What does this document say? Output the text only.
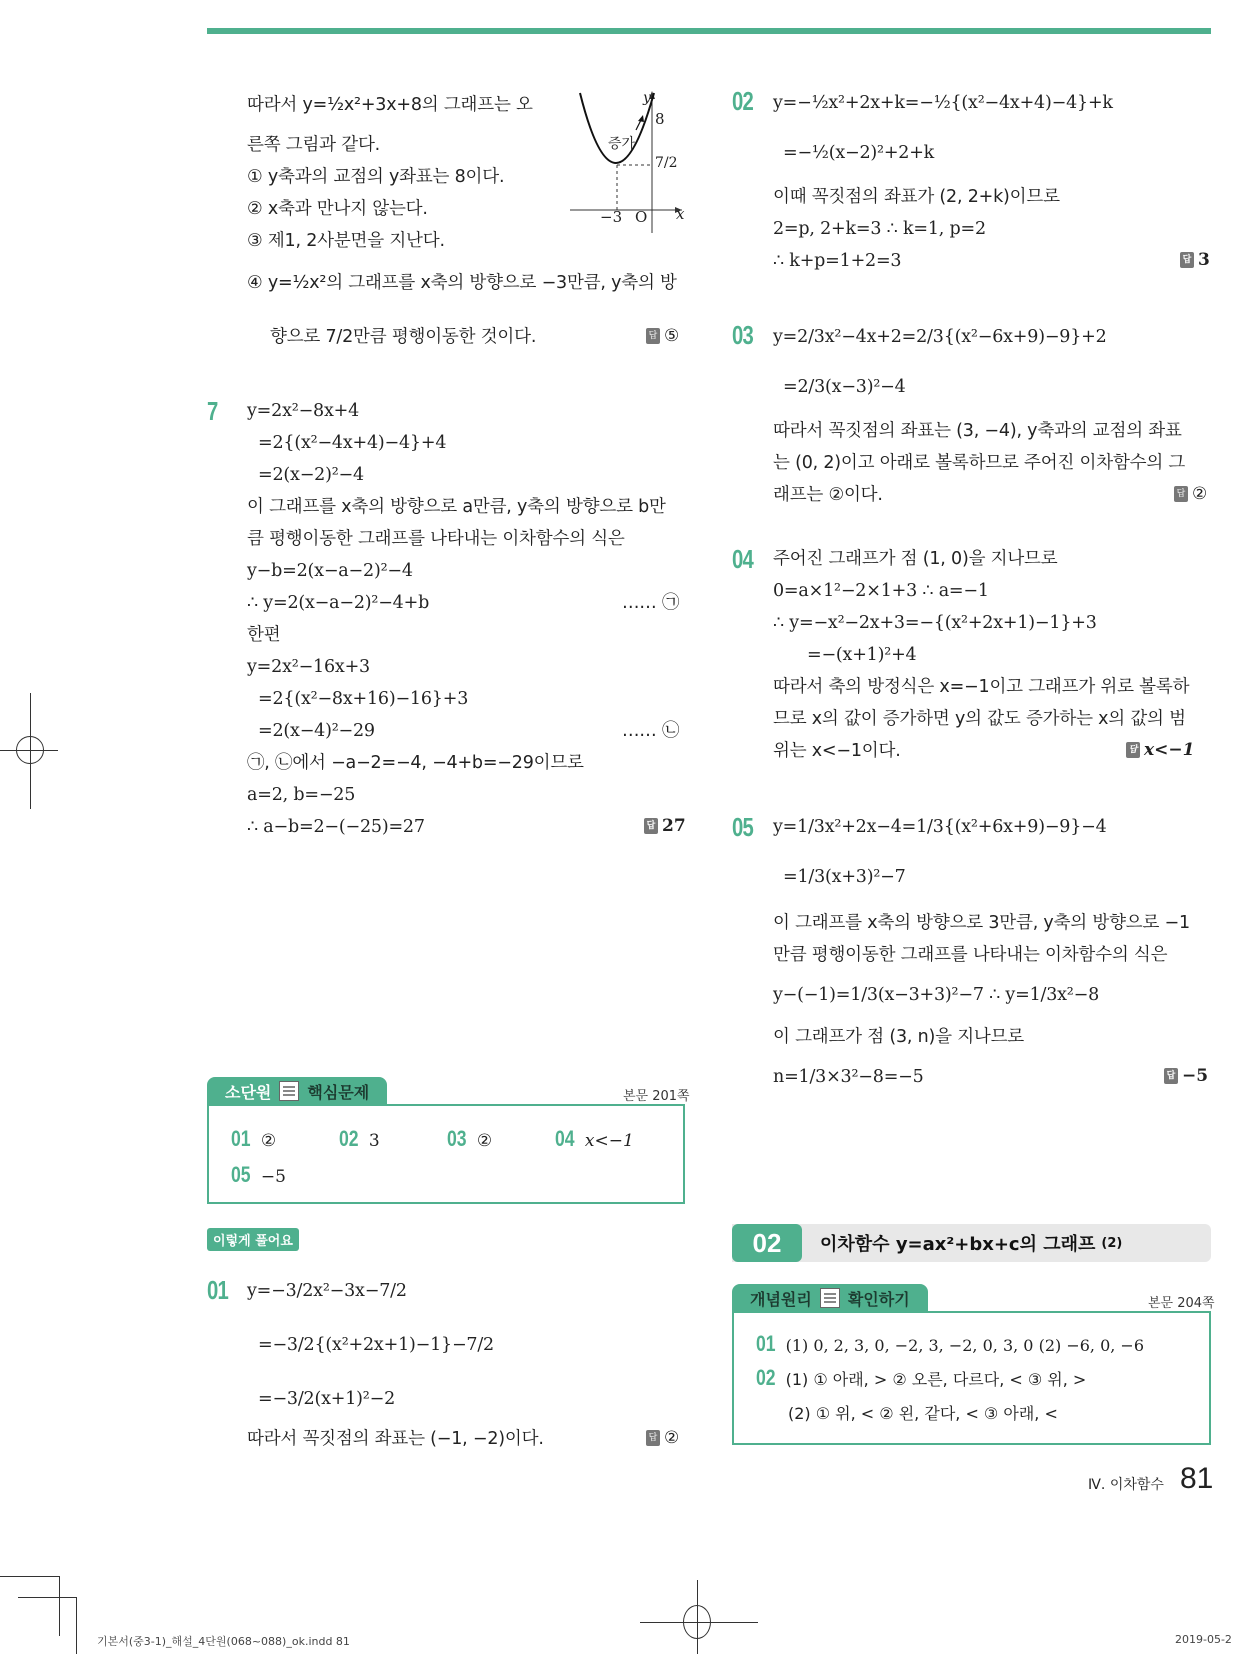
따라서 y=½x²+3x+8의 그래프는 오
른쪽 그림과 같다.
① y축과의 교점의 y좌표는 8이다.
② x축과 만나지 않는다.
③ 제1, 2사분면을 지난다.
④ y=½x²의 그래프를 x축의 방향으로 −3만큼, y축의 방
향으로 7/2만큼 평행이동한 것이다.	답 ⑤
y
8
증가
7/2
−3 O x
7 y=2x²−8x+4
=2{(x²−4x+4)−4}+4
=2(x−2)²−4
이 그래프를 x축의 방향으로 a만큼, y축의 방향으로 b만
큼 평행이동한 그래프를 나타내는 이차함수의 식은
y−b=2(x−a−2)²−4
∴ y=2(x−a−2)²−4+b	…… ㉠
한편
y=2x²−16x+3
=2{(x²−8x+16)−16}+3
=2(x−4)²−29	…… ㉡
㉠, ㉡에서 −a−2=−4, −4+b=−29이므로
a=2, b=−25
∴ a−b=2−(−25)=27	답 27
소단원 핵심문제	본문 201쪽
01 ②	02 3	03 ②	04 x<−1
05 −5
이렇게 풀어요
01 y=−3/2x²−3x−7/2
=−3/2{(x²+2x+1)−1}−7/2
=−3/2(x+1)²−2
따라서 꼭짓점의 좌표는 (−1, −2)이다.	답 ②
02 y=−½x²+2x+k=−½{(x²−4x+4)−4}+k
=−½(x−2)²+2+k
이때 꼭짓점의 좌표가 (2, 2+k)이므로
2=p, 2+k=3 ∴ k=1, p=2
∴ k+p=1+2=3	답 3
03 y=2/3x²−4x+2=2/3{(x²−6x+9)−9}+2
=2/3(x−3)²−4
따라서 꼭짓점의 좌표는 (3, −4), y축과의 교점의 좌표
는 (0, 2)이고 아래로 볼록하므로 주어진 이차함수의 그
래프는 ②이다.	답 ②
04 주어진 그래프가 점 (1, 0)을 지나므로
0=a×1²−2×1+3 ∴ a=−1
∴ y=−x²−2x+3=−{(x²+2x+1)−1}+3
=−(x+1)²+4
따라서 축의 방정식은 x=−1이고 그래프가 위로 볼록하
므로 x의 값이 증가하면 y의 값도 증가하는 x의 값의 범
위는 x<−1이다.	답 x<−1
05 y=1/3x²+2x−4=1/3{(x²+6x+9)−9}−4
=1/3(x+3)²−7
이 그래프를 x축의 방향으로 3만큼, y축의 방향으로 −1
만큼 평행이동한 그래프를 나타내는 이차함수의 식은
y−(−1)=1/3(x−3+3)²−7 ∴ y=1/3x²−8
이 그래프가 점 (3, n)을 지나므로
n=1/3×3²−8=−5	답 −5
02	이차함수 y=ax²+bx+c의 그래프 (2)
개념원리 확인하기	본문 204쪽
01 (1) 0, 2, 3, 0, −2, 3, −2, 0, 3, 0 (2) −6, 0, −6
02 (1) ① 아래, > ② 오른, 다르다, < ③ 위, >
(2) ① 위, < ② 왼, 같다, < ③ 아래, <
Ⅳ. 이차함수 81
기본서(중3-1)_해설_4단원(068~088)_ok.indd 81	2019-05-2
